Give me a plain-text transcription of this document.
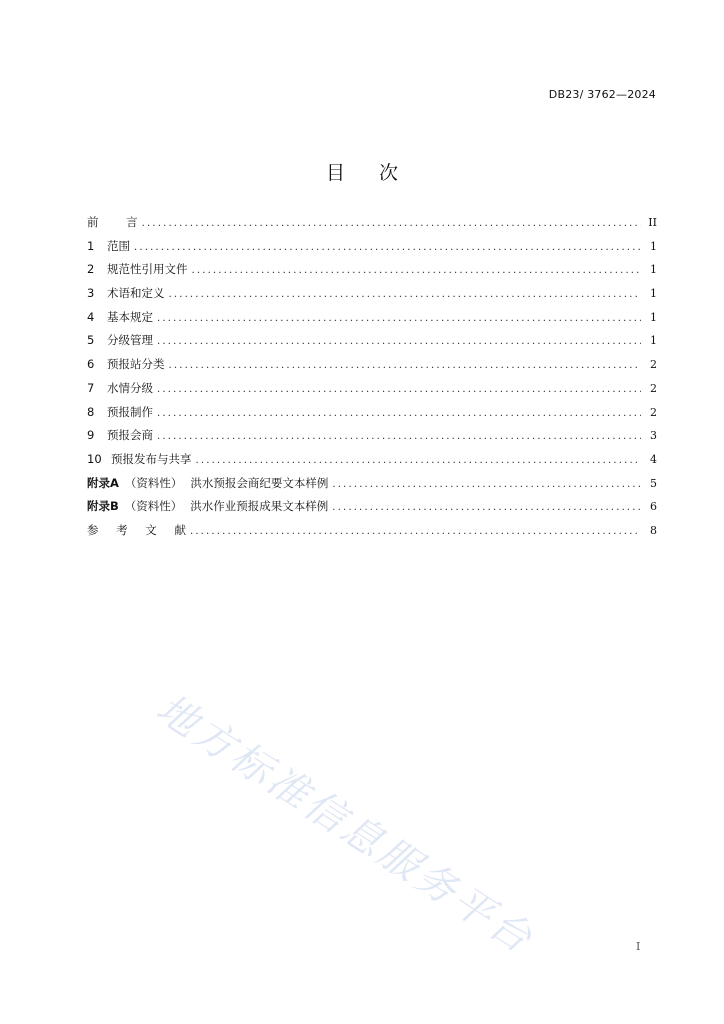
DB23/ 3762—2024
目 次
前 言 . . .	II
1	范围 . . .	1
2	规范性引用文件 . . .	1
3	术语和定义 . . .	1
4	基本规定 . . .	1
5	分级管理 . . .	1
6	预报站分类 . . .	2
7	水情分级 . . .	2
8	预报制作 . . .	2
9	预报会商 . . .	3
10 预报发布与共享 . . .	4
附录A （资料性） 洪水预报会商纪要文本样例 . . .	5
附录B （资料性） 洪水作业预报成果文本样例 . . .	6
参 考 文 献 . . .	8
地方标准信息服务平台	I
